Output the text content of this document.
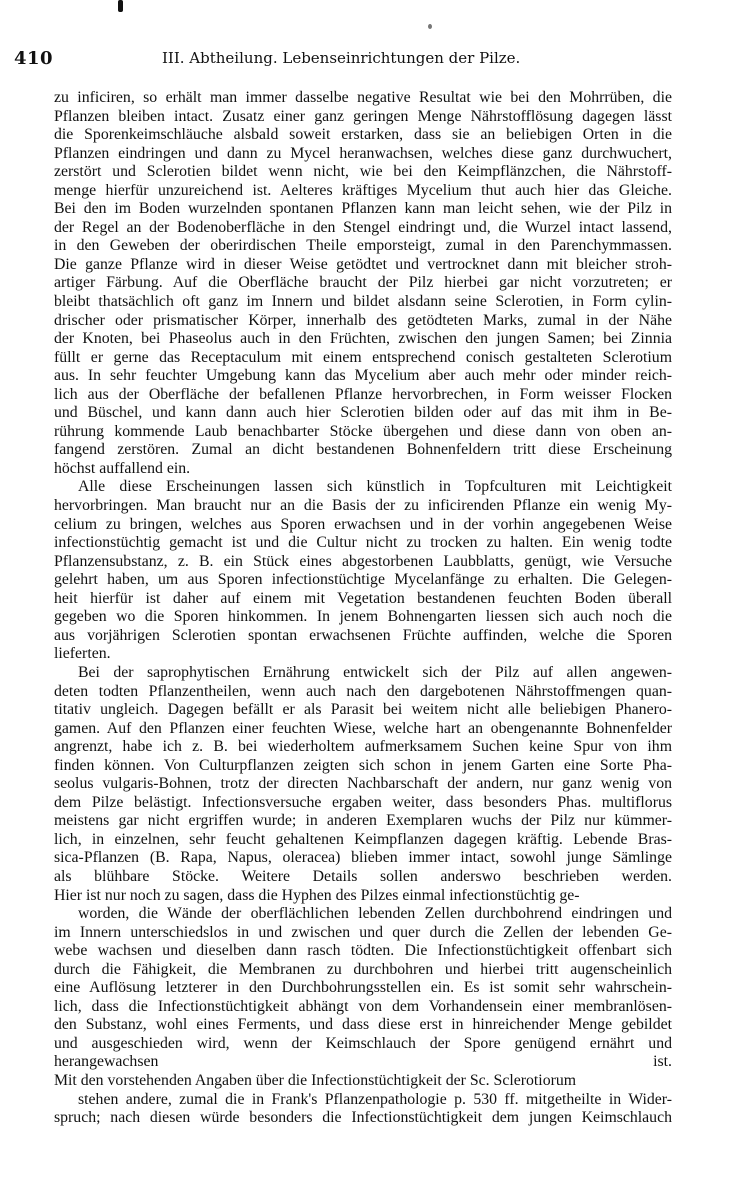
410	III. Abtheilung. Lebenseinrichtungen der Pilze.
zu inficiren, so erhält man immer dasselbe negative Resultat wie bei den Mohrrüben, die
Pflanzen bleiben intact. Zusatz einer ganz geringen Menge Nährstofflösung dagegen lässt
die Sporenkeimschläuche alsbald soweit erstarken, dass sie an beliebigen Orten in die
Pflanzen eindringen und dann zu Mycel heranwachsen, welches diese ganz durchwuchert,
zerstört und Sclerotien bildet wenn nicht, wie bei den Keimpflänzchen, die Nährstoff-
menge hierfür unzureichend ist. Aelteres kräftiges Mycelium thut auch hier das Gleiche.
Bei den im Boden wurzelnden spontanen Pflanzen kann man leicht sehen, wie der Pilz in
der Regel an der Bodenoberfläche in den Stengel eindringt und, die Wurzel intact lassend,
in den Geweben der oberirdischen Theile emporsteigt, zumal in den Parenchymmassen.
Die ganze Pflanze wird in dieser Weise getödtet und vertrocknet dann mit bleicher stroh-
artiger Färbung. Auf die Oberfläche braucht der Pilz hierbei gar nicht vorzutreten; er
bleibt thatsächlich oft ganz im Innern und bildet alsdann seine Sclerotien, in Form cylin-
drischer oder prismatischer Körper, innerhalb des getödteten Marks, zumal in der Nähe
der Knoten, bei Phaseolus auch in den Früchten, zwischen den jungen Samen; bei Zinnia
füllt er gerne das Receptaculum mit einem entsprechend conisch gestalteten Sclerotium
aus. In sehr feuchter Umgebung kann das Mycelium aber auch mehr oder minder reich-
lich aus der Oberfläche der befallenen Pflanze hervorbrechen, in Form weisser Flocken
und Büschel, und kann dann auch hier Sclerotien bilden oder auf das mit ihm in Be-
rührung kommende Laub benachbarter Stöcke übergehen und diese dann von oben an-
fangend zerstören. Zumal an dicht bestandenen Bohnenfeldern tritt diese Erscheinung
höchst auffallend ein.
Alle diese Erscheinungen lassen sich künstlich in Topfculturen mit Leichtigkeit
hervorbringen. Man braucht nur an die Basis der zu inficirenden Pflanze ein wenig My-
celium zu bringen, welches aus Sporen erwachsen und in der vorhin angegebenen Weise
infectionstüchtig gemacht ist und die Cultur nicht zu trocken zu halten. Ein wenig todte
Pflanzensubstanz, z. B. ein Stück eines abgestorbenen Laubblatts, genügt, wie Versuche
gelehrt haben, um aus Sporen infectionstüchtige Mycelanfänge zu erhalten. Die Gelegen-
heit hierfür ist daher auf einem mit Vegetation bestandenen feuchten Boden überall
gegeben wo die Sporen hinkommen. In jenem Bohnengarten liessen sich auch noch die
aus vorjährigen Sclerotien spontan erwachsenen Früchte auffinden, welche die Sporen
lieferten.
Bei der saprophytischen Ernährung entwickelt sich der Pilz auf allen angewen-
deten todten Pflanzentheilen, wenn auch nach den dargebotenen Nährstoffmengen quan-
titativ ungleich. Dagegen befällt er als Parasit bei weitem nicht alle beliebigen Phanero-
gamen. Auf den Pflanzen einer feuchten Wiese, welche hart an obengenannte Bohnenfelder
angrenzt, habe ich z. B. bei wiederholtem aufmerksamem Suchen keine Spur von ihm
finden können. Von Culturpflanzen zeigten sich schon in jenem Garten eine Sorte Pha-
seolus vulgaris-Bohnen, trotz der directen Nachbarschaft der andern, nur ganz wenig von
dem Pilze belästigt. Infectionsversuche ergaben weiter, dass besonders Phas. multiflorus
meistens gar nicht ergriffen wurde; in anderen Exemplaren wuchs der Pilz nur kümmer-
lich, in einzelnen, sehr feucht gehaltenen Keimpflanzen dagegen kräftig. Lebende Bras-
sica-Pflanzen (B. Rapa, Napus, oleracea) blieben immer intact, sowohl junge Sämlinge
als blühbare Stöcke. Weitere Details sollen anderswo beschrieben werden.
Hier ist nur noch zu sagen, dass die Hyphen des Pilzes einmal infectionstüchtig ge-
worden, die Wände der oberflächlichen lebenden Zellen durchbohrend eindringen und
im Innern unterschiedslos in und zwischen und quer durch die Zellen der lebenden Ge-
webe wachsen und dieselben dann rasch tödten. Die Infectionstüchtigkeit offenbart sich
durch die Fähigkeit, die Membranen zu durchbohren und hierbei tritt augenscheinlich
eine Auflösung letzterer in den Durchbohrungsstellen ein. Es ist somit sehr wahrschein-
lich, dass die Infectionstüchtigkeit abhängt von dem Vorhandensein einer membranlösen-
den Substanz, wohl eines Ferments, und dass diese erst in hinreichender Menge gebildet
und ausgeschieden wird, wenn der Keimschlauch der Spore genügend ernährt und
herangewachsen ist.
Mit den vorstehenden Angaben über die Infectionstüchtigkeit der Sc. Sclerotiorum
stehen andere, zumal die in Frank's Pflanzenpathologie p. 530 ff. mitgetheilte in Wider-
spruch; nach diesen würde besonders die Infectionstüchtigkeit dem jungen Keimschlauch
